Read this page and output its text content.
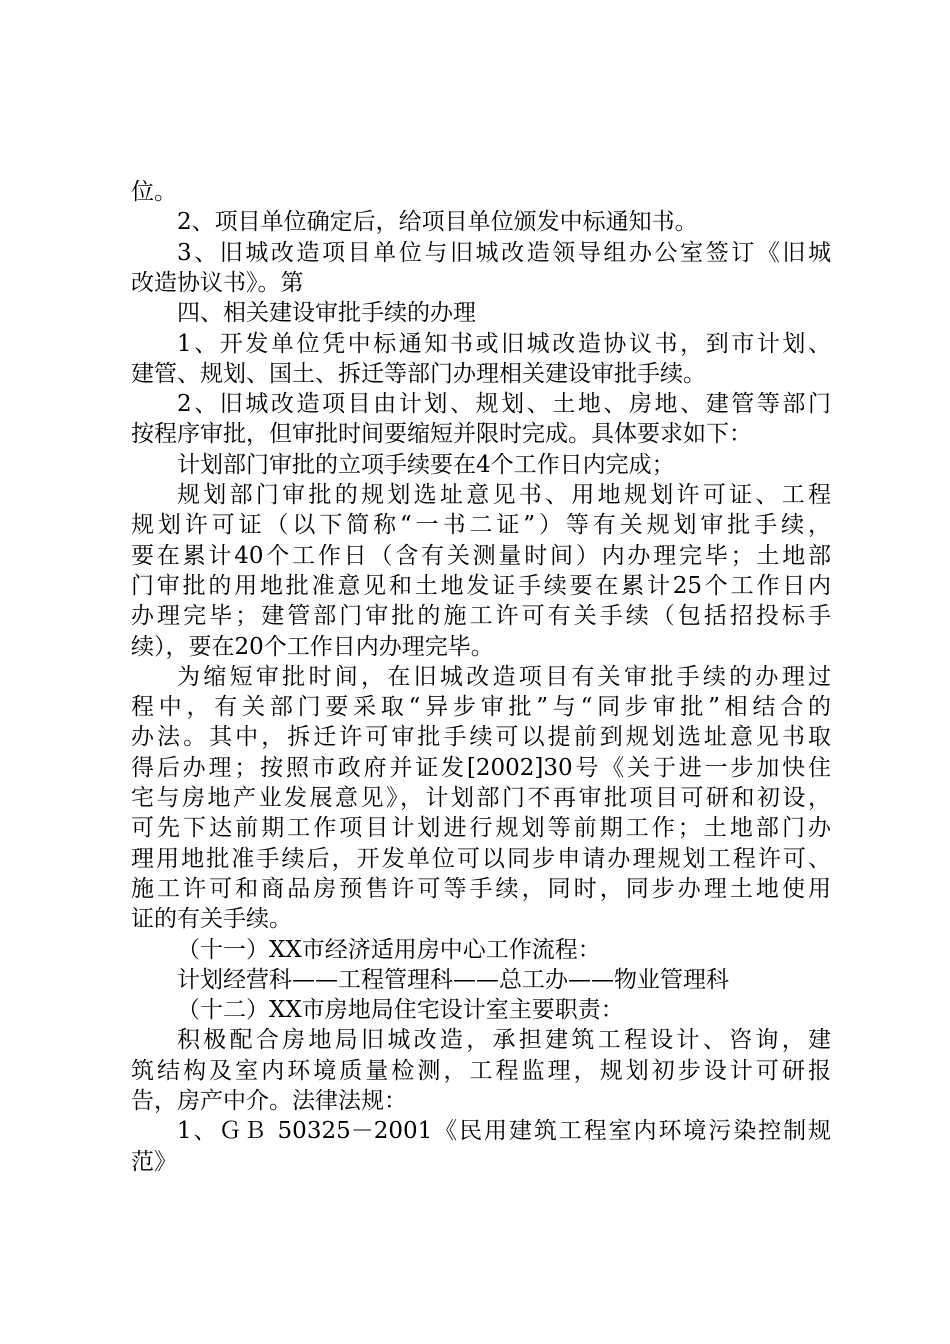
位。
2、项目单位确定后，给项目单位颁发中标通知书。
3、旧城改造项目单位与旧城改造领导组办公室签订《旧城
改造协议书》。第
四、相关建设审批手续的办理
1、开发单位凭中标通知书或旧城改造协议书，到市计划、
建管、规划、国土、拆迁等部门办理相关建设审批手续。
2、旧城改造项目由计划、规划、土地、房地、建管等部门
按程序审批，但审批时间要缩短并限时完成。具体要求如下：
计划部门审批的立项手续要在4个工作日内完成；
规划部门审批的规划选址意见书、用地规划许可证、工程
规划许可证（以下简称“一书二证”）等有关规划审批手续，
要在累计40个工作日（含有关测量时间）内办理完毕；土地部
门审批的用地批准意见和土地发证手续要在累计25个工作日内
办理完毕；建管部门审批的施工许可有关手续（包括招投标手
续），要在20个工作日内办理完毕。
为缩短审批时间，在旧城改造项目有关审批手续的办理过
程中，有关部门要采取“异步审批”与“同步审批”相结合的
办法。其中，拆迁许可审批手续可以提前到规划选址意见书取
得后办理；按照市政府并证发[2002]30号《关于进一步加快住
宅与房地产业发展意见》，计划部门不再审批项目可研和初设，
可先下达前期工作项目计划进行规划等前期工作；土地部门办
理用地批准手续后，开发单位可以同步申请办理规划工程许可、
施工许可和商品房预售许可等手续，同时，同步办理土地使用
证的有关手续。
（十一）XX市经济适用房中心工作流程：
计划经营科——工程管理科——总工办——物业管理科
（十二）XX市房地局住宅设计室主要职责：
积极配合房地局旧城改造，承担建筑工程设计、咨询，建
筑结构及室内环境质量检测，工程监理，规划初步设计可研报
告，房产中介。法律法规：
1、ＧＢ 50325－2001《民用建筑工程室内环境污染控制规
范》
